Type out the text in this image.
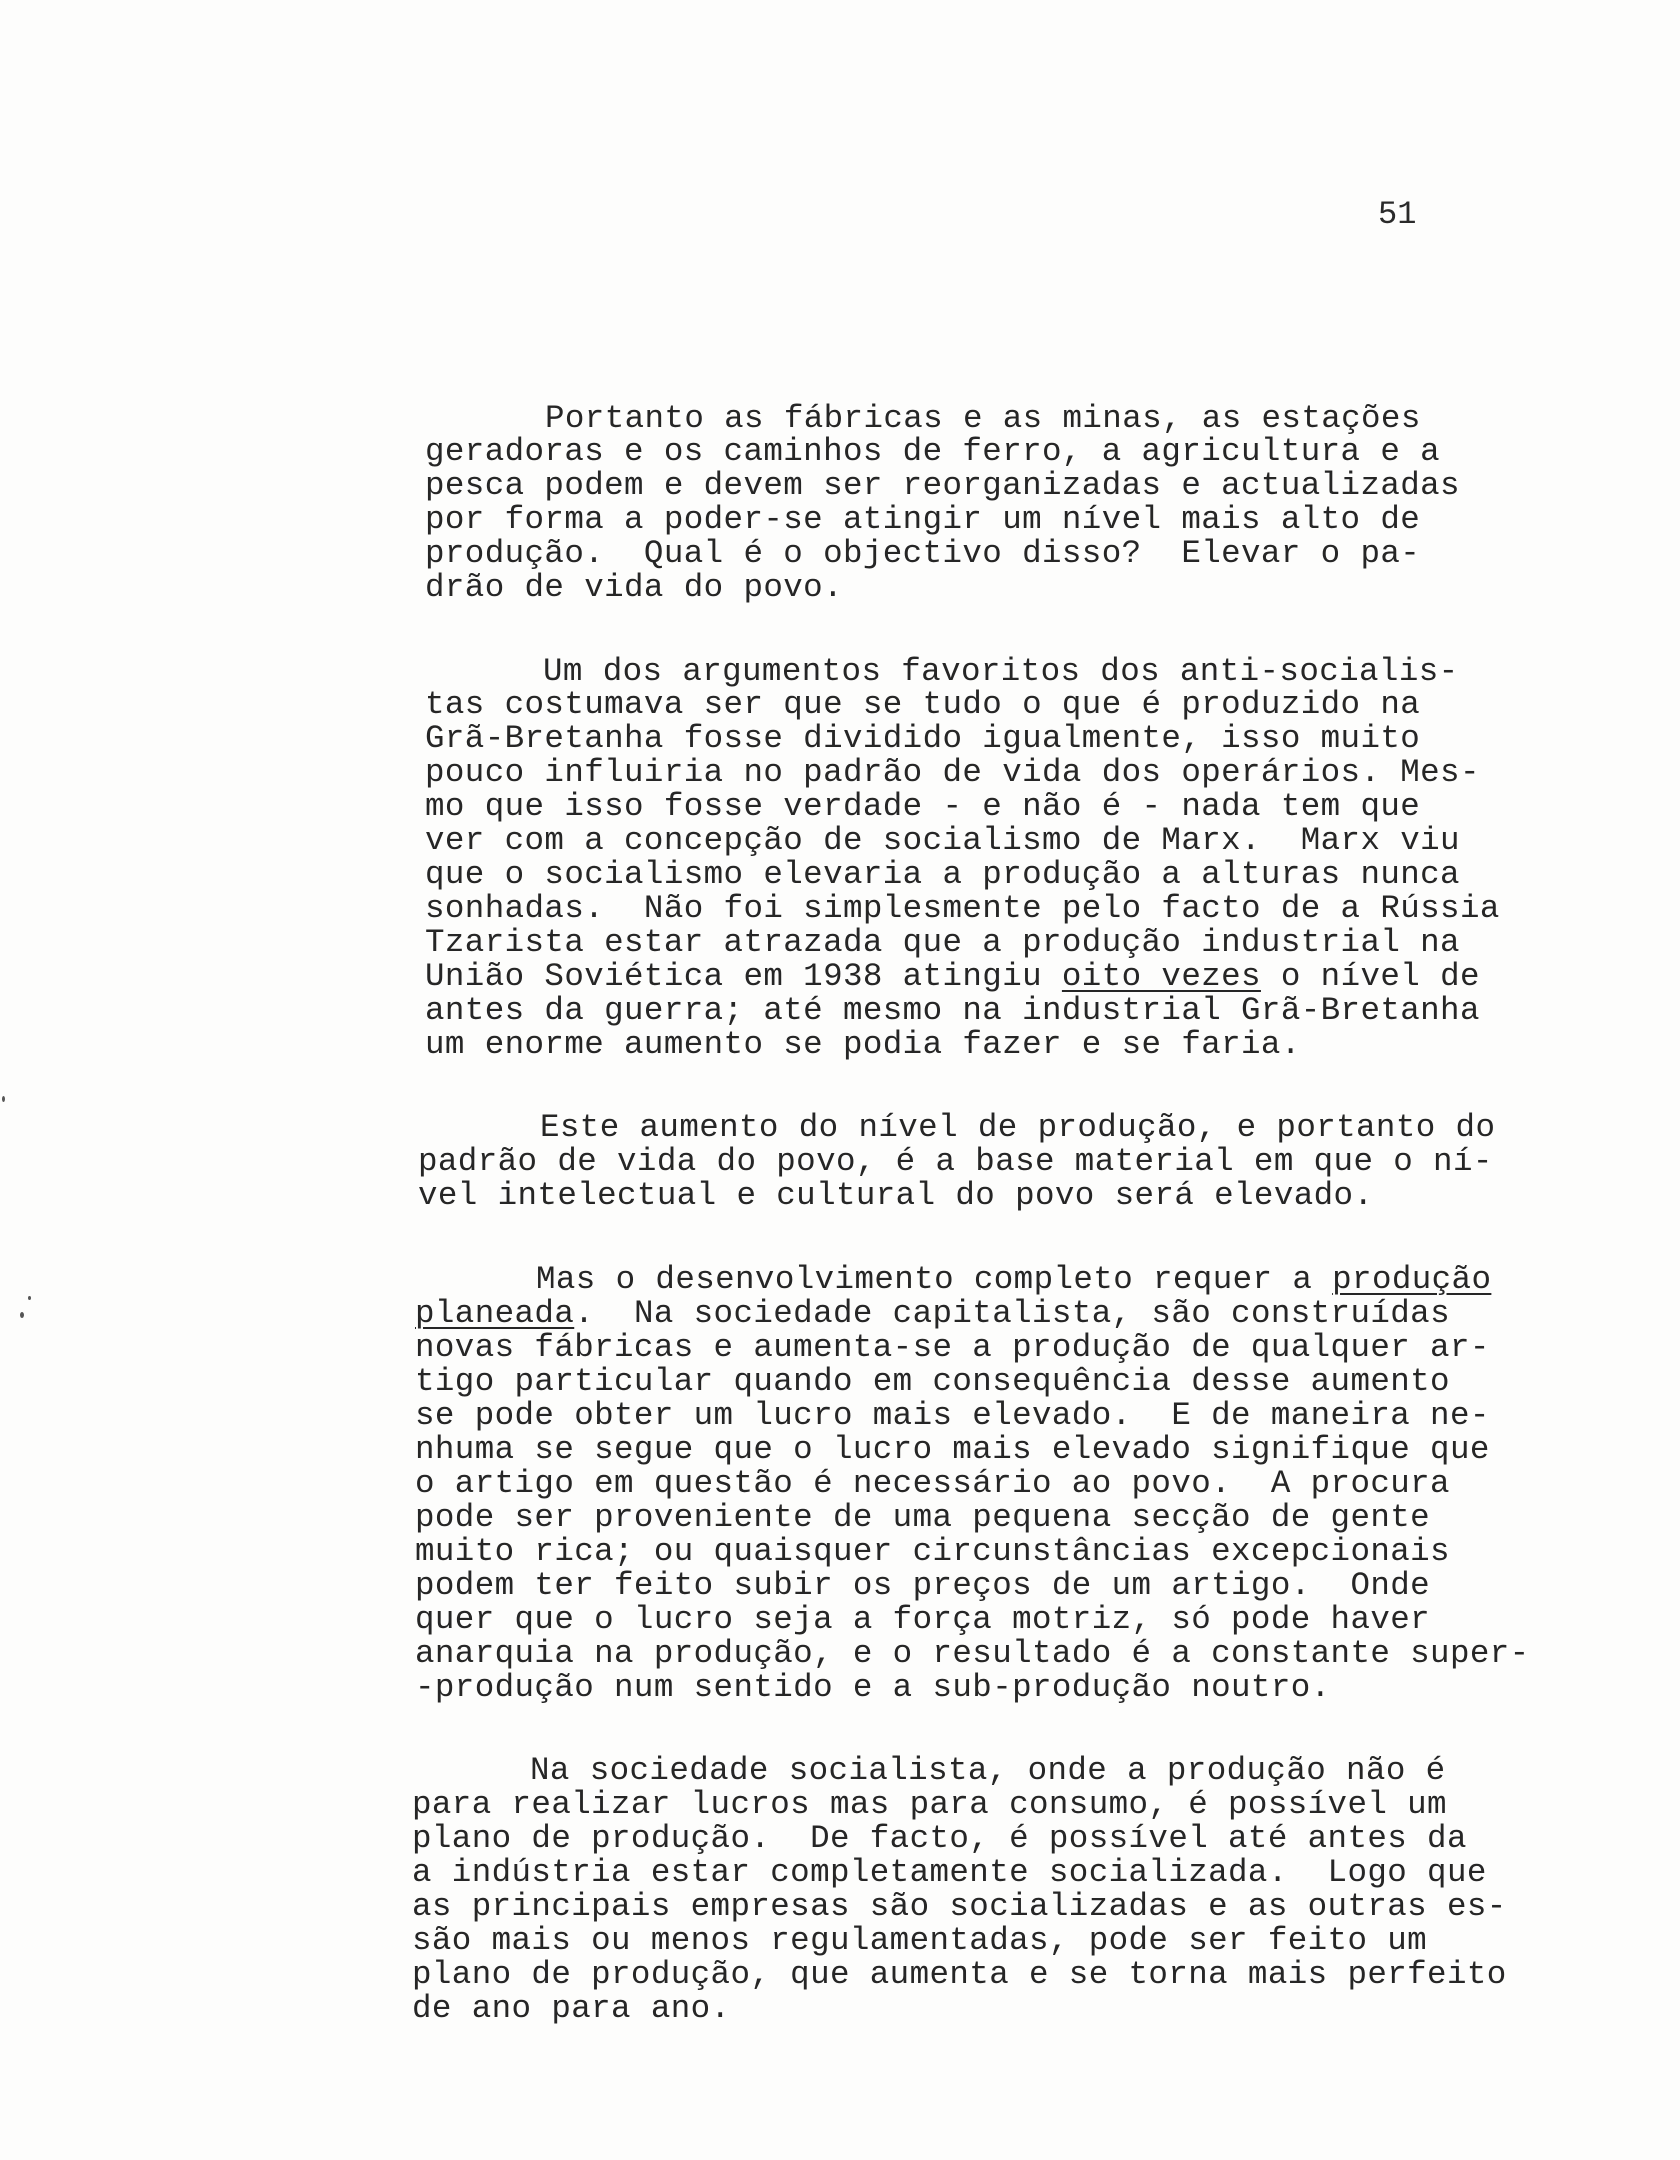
51
Portanto as fábricas e as minas, as estações
geradoras e os caminhos de ferro, a agricultura e a
pesca podem e devem ser reorganizadas e actualizadas
por forma a poder-se atingir um nível mais alto de
produção.  Qual é o objectivo disso?  Elevar o pa-
drão de vida do povo.
Um dos argumentos favoritos dos anti-socialis-
tas costumava ser que se tudo o que é produzido na
Grã-Bretanha fosse dividido igualmente, isso muito
pouco influiria no padrão de vida dos operários. Mes-
mo que isso fosse verdade - e não é - nada tem que
ver com a concepção de socialismo de Marx.  Marx viu
que o socialismo elevaria a produção a alturas nunca
sonhadas.  Não foi simplesmente pelo facto de a Rússia
Tzarista estar atrazada que a produção industrial na
União Soviética em 1938 atingiu oito vezes o nível de
antes da guerra; até mesmo na industrial Grã-Bretanha
um enorme aumento se podia fazer e se faria.
Este aumento do nível de produção, e portanto do
padrão de vida do povo, é a base material em que o ní-
vel intelectual e cultural do povo será elevado.
Mas o desenvolvimento completo requer a produção
planeada.  Na sociedade capitalista, são construídas
novas fábricas e aumenta-se a produção de qualquer ar-
tigo particular quando em consequência desse aumento
se pode obter um lucro mais elevado.  E de maneira ne-
nhuma se segue que o lucro mais elevado signifique que
o artigo em questão é necessário ao povo.  A procura
pode ser proveniente de uma pequena secção de gente
muito rica; ou quaisquer circunstâncias excepcionais
podem ter feito subir os preços de um artigo.  Onde
quer que o lucro seja a força motriz, só pode haver
anarquia na produção, e o resultado é a constante super-
-produção num sentido e a sub-produção noutro.
Na sociedade socialista, onde a produção não é
para realizar lucros mas para consumo, é possível um
plano de produção.  De facto, é possível até antes da
a indústria estar completamente socializada.  Logo que
as principais empresas são socializadas e as outras es-
são mais ou menos regulamentadas, pode ser feito um
plano de produção, que aumenta e se torna mais perfeito
de ano para ano.
